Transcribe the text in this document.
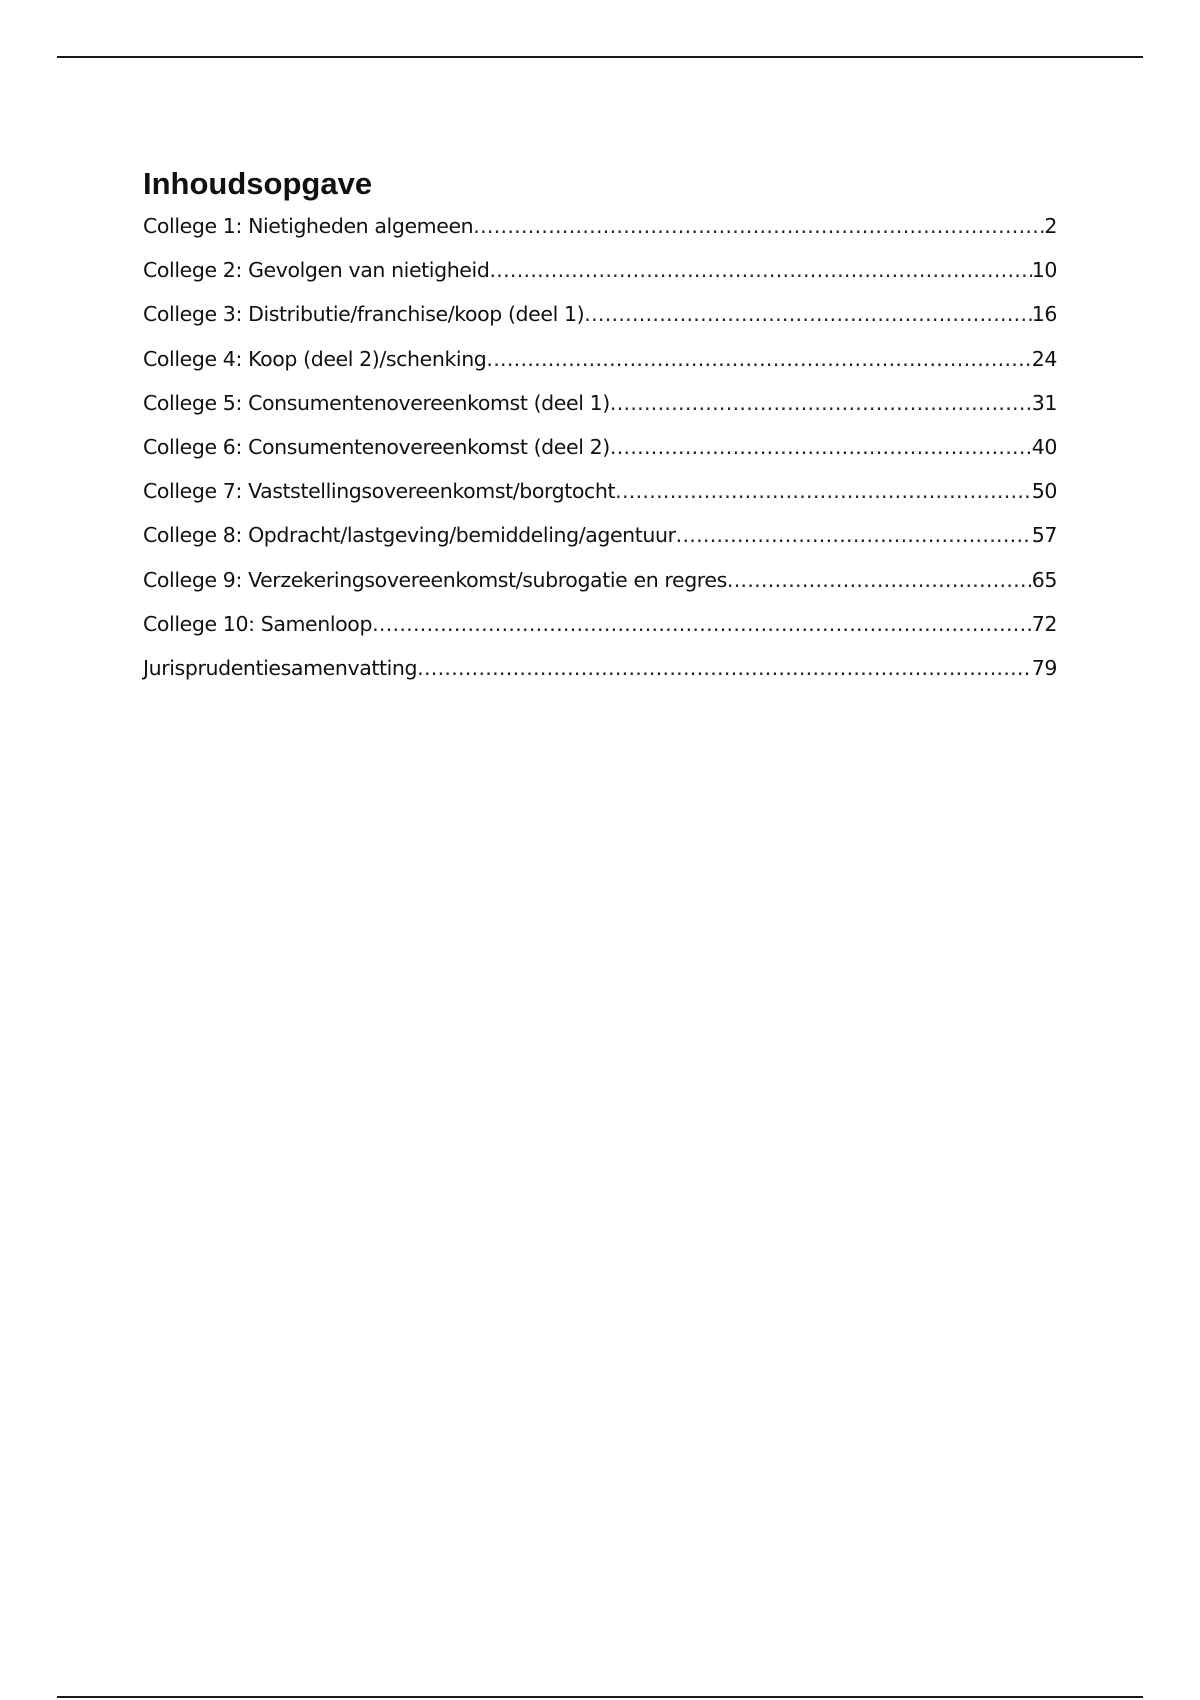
Inhoudsopgave
College 1: Nietigheden algemeen .....	2
College 2: Gevolgen van nietigheid .....	10
College 3: Distributie/franchise/koop (deel 1) .....	16
College 4: Koop (deel 2)/schenking .....	24
College 5: Consumentenovereenkomst (deel 1) .....	31
College 6: Consumentenovereenkomst (deel 2) .....	40
College 7: Vaststellingsovereenkomst/borgtocht .....	50
College 8: Opdracht/lastgeving/bemiddeling/agentuur .....	57
College 9: Verzekeringsovereenkomst/subrogatie en regres .....	65
College 10: Samenloop .....	72
Jurisprudentiesamenvatting .....	79
